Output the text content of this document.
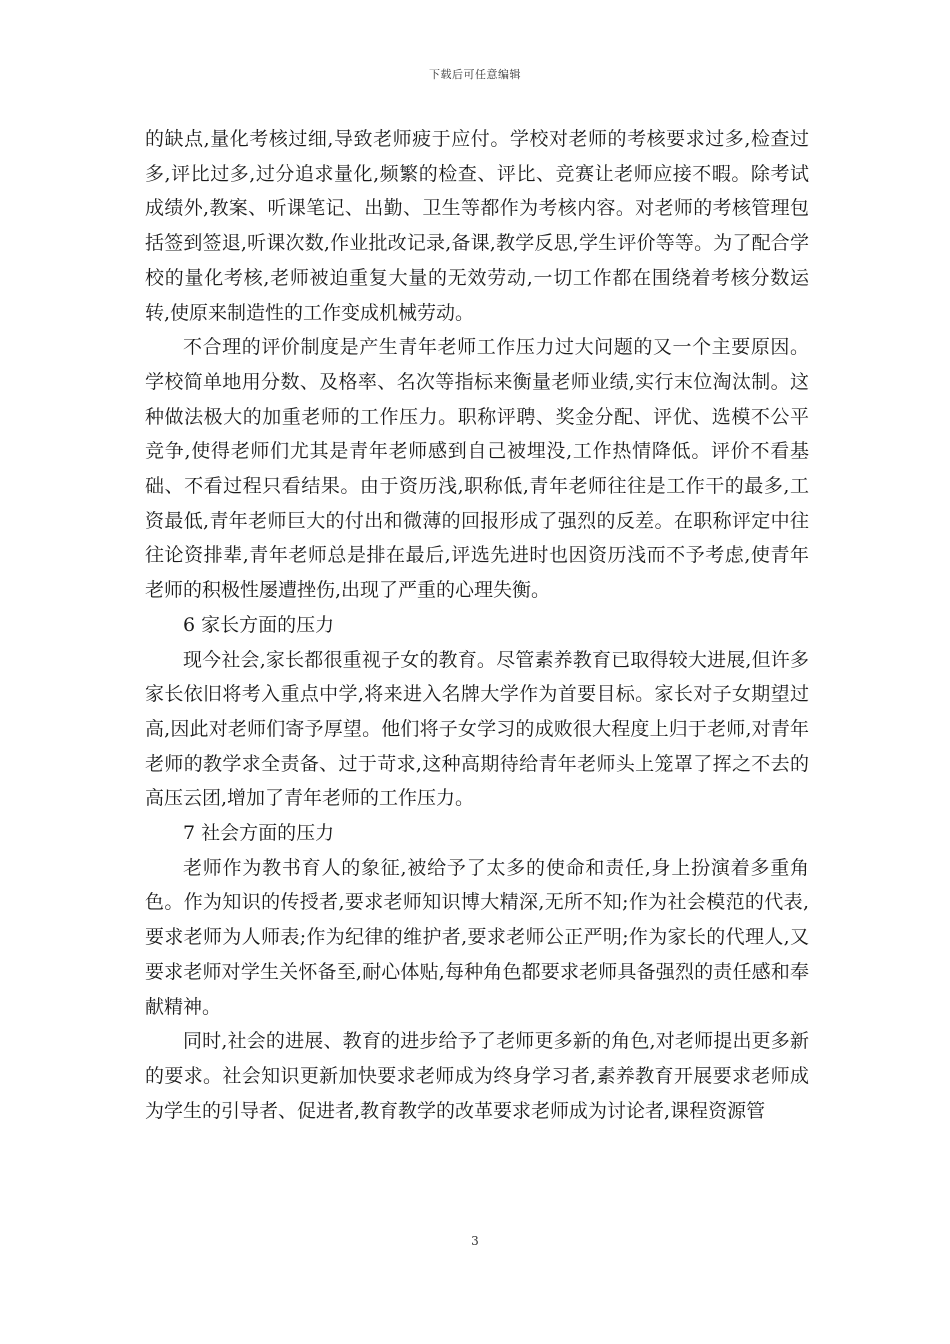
下载后可任意编辑

的缺点,量化考核过细,导致老师疲于应付。学校对老师的考核要求过多,检查过多,评比过多,过分追求量化,频繁的检查、评比、竞赛让老师应接不暇。除考试成绩外,教案、听课笔记、出勤、卫生等都作为考核内容。对老师的考核管理包括签到签退,听课次数,作业批改记录,备课,教学反思,学生评价等等。为了配合学校的量化考核,老师被迫重复大量的无效劳动,一切工作都在围绕着考核分数运转,使原来制造性的工作变成机械劳动。

不合理的评价制度是产生青年老师工作压力过大问题的又一个主要原因。学校简单地用分数、及格率、名次等指标来衡量老师业绩,实行末位淘汰制。这种做法极大的加重老师的工作压力。职称评聘、奖金分配、评优、选模不公平竞争,使得老师们尤其是青年老师感到自己被埋没,工作热情降低。评价不看基础、不看过程只看结果。由于资历浅,职称低,青年老师往往是工作干的最多,工资最低,青年老师巨大的付出和微薄的回报形成了强烈的反差。在职称评定中往往论资排辈,青年老师总是排在最后,评选先进时也因资历浅而不予考虑,使青年老师的积极性屡遭挫伤,出现了严重的心理失衡。

6 家长方面的压力

现今社会,家长都很重视子女的教育。尽管素养教育已取得较大进展,但许多家长依旧将考入重点中学,将来进入名牌大学作为首要目标。家长对子女期望过高,因此对老师们寄予厚望。他们将子女学习的成败很大程度上归于老师,对青年老师的教学求全责备、过于苛求,这种高期待给青年老师头上笼罩了挥之不去的高压云团,增加了青年老师的工作压力。

7 社会方面的压力

老师作为教书育人的象征,被给予了太多的使命和责任,身上扮演着多重角色。作为知识的传授者,要求老师知识博大精深,无所不知;作为社会模范的代表,要求老师为人师表;作为纪律的维护者,要求老师公正严明;作为家长的代理人,又要求老师对学生关怀备至,耐心体贴,每种角色都要求老师具备强烈的责任感和奉献精神。

同时,社会的进展、教育的进步给予了老师更多新的角色,对老师提出更多新的要求。社会知识更新加快要求老师成为终身学习者,素养教育开展要求老师成为学生的引导者、促进者,教育教学的改革要求老师成为讨论者,课程资源管

3
